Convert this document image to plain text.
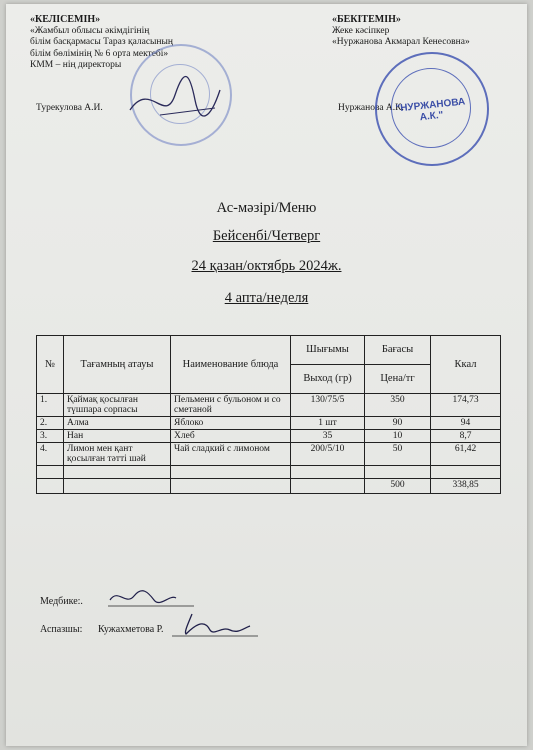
«КЕЛІСЕМІН»
«Жамбыл облысы әкімдігінің
білім басқармасы Тараз қаласының
білім бөлімінің № 6 орта мектебі»
КММ – нің директоры
Турекулова А.И.
«БЕКІТЕМІН»
Жеке кәсіпкер
«Нуржанова Акмарал Кенесовна»
Нуржанова А.К.
"НУРЖАНОВА А.К."
Ас-мәзірі/Меню
Бейсенбі/Четверг
24 қазан/октябрь 2024ж.
4 апта/неделя
№	Тағамның атауы	Наименование блюда	Шығымы	Бағасы	Ккал
			Выход (гр)	Цена/тг	
1.	Қаймақ қосылған түшпара сорпасы	Пельмени с бульоном и со сметаной	130/75/5	350	174,73
2.	Алма	Яблоко	1 шт	90	94
3.	Нан	Хлеб	35	10	8,7
4.	Лимон мен қант қосылған тәтті шәй	Чай сладкий с лимоном	200/5/10	50	61,42

				500	338,85
Медбике:.
Аспазшы: Кужахметова Р.
